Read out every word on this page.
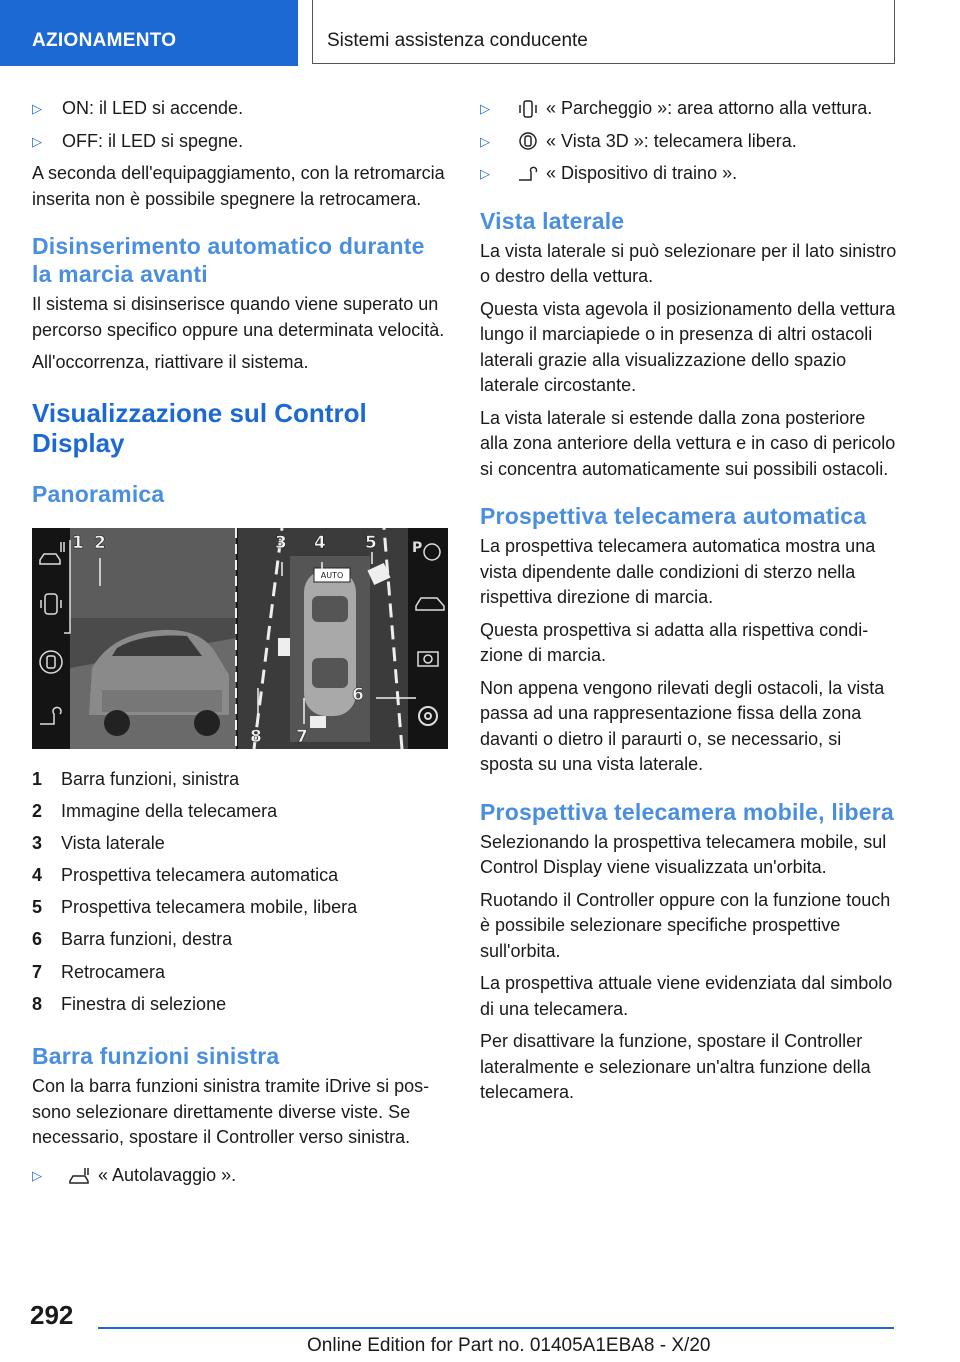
AZIONAMENTO	Sistemi assistenza conducente
▷	ON: il LED si accende.
▷	OFF: il LED si spegne.

A seconda dell'equipaggiamento, con la retromarcia inserita non è possibile spegnere la retrocamera.

Disinserimento automatico durante la marcia avanti

Il sistema si disinserisce quando viene superato un percorso specifico oppure una determinata velocità.

All'occorrenza, riattivare il sistema.

Visualizzazione sul Control Display
Panoramica
AUTO
P
1 2	3 4 5
6
7
8
1	Barra funzioni, sinistra
2	Immagine della telecamera
3	Vista laterale
4	Prospettiva telecamera automatica
5	Prospettiva telecamera mobile, libera
6	Barra funzioni, destra
7	Retrocamera
8	Finestra di selezione
Barra funzioni sinistra

Con la barra funzioni sinistra tramite iDrive si possono selezionare direttamente diverse viste. Se necessario, spostare il Controller verso sinistra.

▷	« Autolavaggio ».
▷	« Parcheggio »: area attorno alla vettura.
▷	« Vista 3D »: telecamera libera.
▷	« Dispositivo di traino ».
Vista laterale

La vista laterale si può selezionare per il lato sinistro o destro della vettura.

Questa vista agevola il posizionamento della vettura lungo il marciapiede o in presenza di altri ostacoli laterali grazie alla visualizzazione dello spazio laterale circostante.

La vista laterale si estende dalla zona posteriore alla zona anteriore della vettura e in caso di pericolo si concentra automaticamente sui possibili ostacoli.

Prospettiva telecamera automatica

La prospettiva telecamera automatica mostra una vista dipendente dalle condizioni di sterzo nella rispettiva direzione di marcia.

Questa prospettiva si adatta alla rispettiva condizione di marcia.

Non appena vengono rilevati degli ostacoli, la vista passa ad una rappresentazione fissa della zona davanti o dietro il paraurti o, se necessario, si sposta su una vista laterale.

Prospettiva telecamera mobile, libera

Selezionando la prospettiva telecamera mobile, sul Control Display viene visualizzata un'orbita.

Ruotando il Controller oppure con la funzione touch è possibile selezionare specifiche prospettive sull'orbita.

La prospettiva attuale viene evidenziata dal simbolo di una telecamera.

Per disattivare la funzione, spostare il Controller lateralmente e selezionare un'altra funzione della telecamera.

292
Online Edition for Part no. 01405A1EBA8 - X/20
